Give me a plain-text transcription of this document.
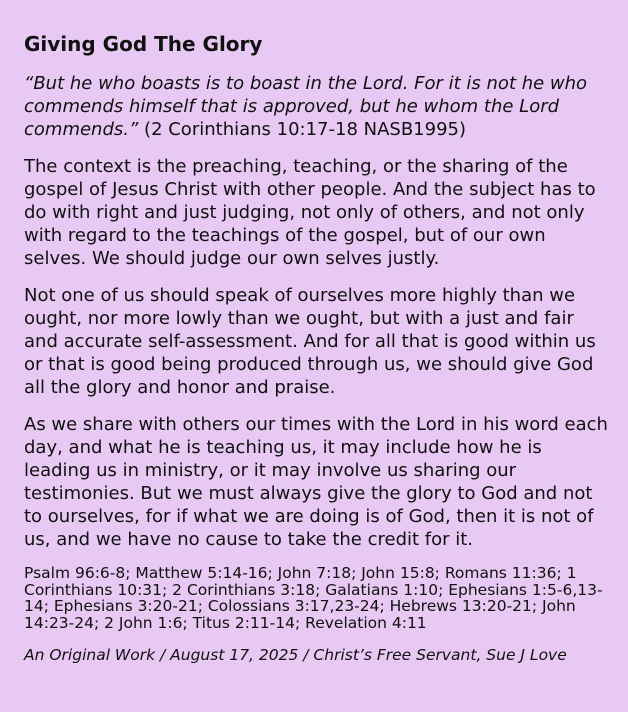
Giving God The Glory

“But he who boasts is to boast in the Lord. For it is not he who commends himself that is approved, but he whom the Lord commends.” (2 Corinthians 10:17-18 NASB1995)

The context is the preaching, teaching, or the sharing of the gospel of Jesus Christ with other people. And the subject has to do with right and just judging, not only of others, and not only with regard to the teachings of the gospel, but of our own selves. We should judge our own selves justly.

Not one of us should speak of ourselves more highly than we ought, nor more lowly than we ought, but with a just and fair and accurate self-assessment. And for all that is good within us or that is good being produced through us, we should give God all the glory and honor and praise.

As we share with others our times with the Lord in his word each day, and what he is teaching us, it may include how he is leading us in ministry, or it may involve us sharing our testimonies. But we must always give the glory to God and not to ourselves, for if what we are doing is of God, then it is not of us, and we have no cause to take the credit for it.

Psalm 96:6-8; Matthew 5:14-16; John 7:18; John 15:8; Romans 11:36; 1 Corinthians 10:31; 2 Corinthians 3:18; Galatians 1:10; Ephesians 1:5-6,13-14; Ephesians 3:20-21; Colossians 3:17,23-24; Hebrews 13:20-21; John 14:23-24; 2 John 1:6; Titus 2:11-14; Revelation 4:11

An Original Work / August 17, 2025 / Christ’s Free Servant, Sue J Love
